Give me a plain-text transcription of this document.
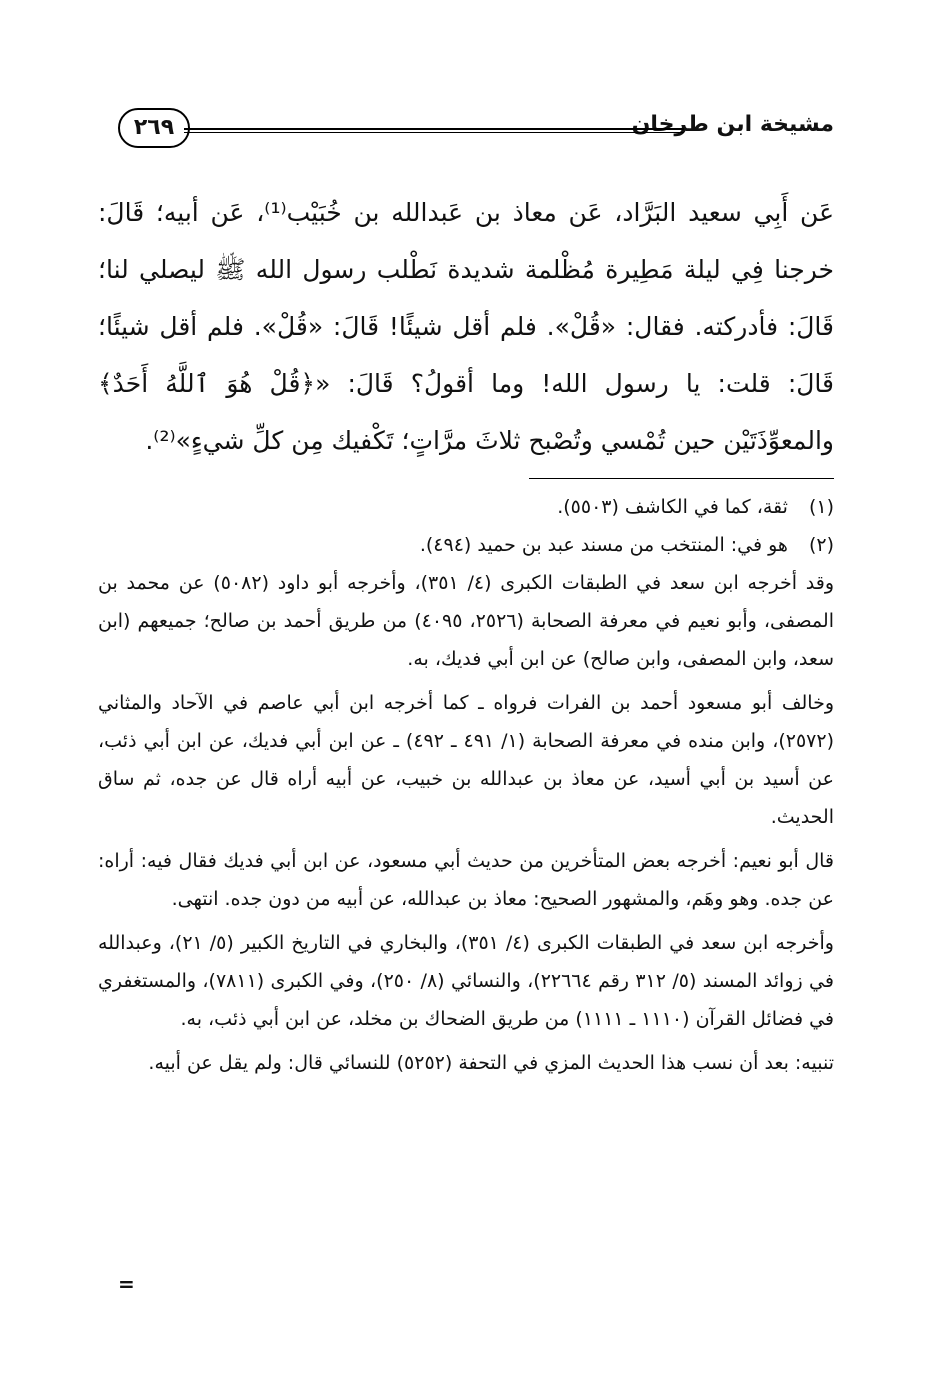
مشيخة ابن طرخان
٢٦٩
عَن أَبِي سعيد البَرَّاد، عَن معاذ بن عَبدالله بن خُبَيْب⁽¹⁾، عَن أبيه؛ قَالَ: خرجنا فِي ليلة مَطِيرة مُظْلمة شديدة نَطْلب رسول الله ﷺ ليصلي لنا؛ قَالَ: فأدركته. فقال: «قُلْ». فلم أقل شيئًا! قَالَ: «قُلْ». فلم أقل شيئًا؛ قَالَ: قلت: يا رسول الله! وما أقولُ؟ قَالَ: «﴿قُلْ هُوَ ٱللَّهُ أَحَدٌ﴾ والمعوِّذَتَيْن حين تُمْسي وتُصْبح ثلاثَ مرَّاتٍ؛ تَكْفيك مِن كلِّ شيءٍ»⁽²⁾.

(١) ثقة، كما في الكاشف (٥٥٠٣).

(٢) هو في: المنتخب من مسند عبد بن حميد (٤٩٤).

وقد أخرجه ابن سعد في الطبقات الكبرى (٤/ ٣٥١)، وأخرجه أبو داود (٥٠٨٢) عن محمد بن المصفى، وأبو نعيم في معرفة الصحابة (٢٥٢٦، ٤٠٩٥) من طريق أحمد بن صالح؛ جميعهم (ابن سعد، وابن المصفى، وابن صالح) عن ابن أبي فديك، به.

وخالف أبو مسعود أحمد بن الفرات فرواه ـ كما أخرجه ابن أبي عاصم في الآحاد والمثاني (٢٥٧٢)، وابن منده في معرفة الصحابة (١/ ٤٩١ ـ ٤٩٢) ـ عن ابن أبي فديك، عن ابن أبي ذئب، عن أسيد بن أبي أسيد، عن معاذ بن عبدالله بن خبيب، عن أبيه أراه قال عن جده، ثم ساق الحديث.

قال أبو نعيم: أخرجه بعض المتأخرين من حديث أبي مسعود، عن ابن أبي فديك فقال فيه: أراه: عن جده. وهو وهَم، والمشهور الصحيح: معاذ بن عبدالله، عن أبيه من دون جده. انتهى.

وأخرجه ابن سعد في الطبقات الكبرى (٤/ ٣٥١)، والبخاري في التاريخ الكبير (٥/ ٢١)، وعبدالله في زوائد المسند (٥/ ٣١٢ رقم ٢٢٦٦٤)، والنسائي (٨/ ٢٥٠)، وفي الكبرى (٧٨١١)، والمستغفري في فضائل القرآن (١١١٠ ـ ١١١١) من طريق الضحاك بن مخلد، عن ابن أبي ذئب، به.

تنبيه: بعد أن نسب هذا الحديث المزي في التحفة (٥٢٥٢) للنسائي قال: ولم يقل عن أبيه.

=
